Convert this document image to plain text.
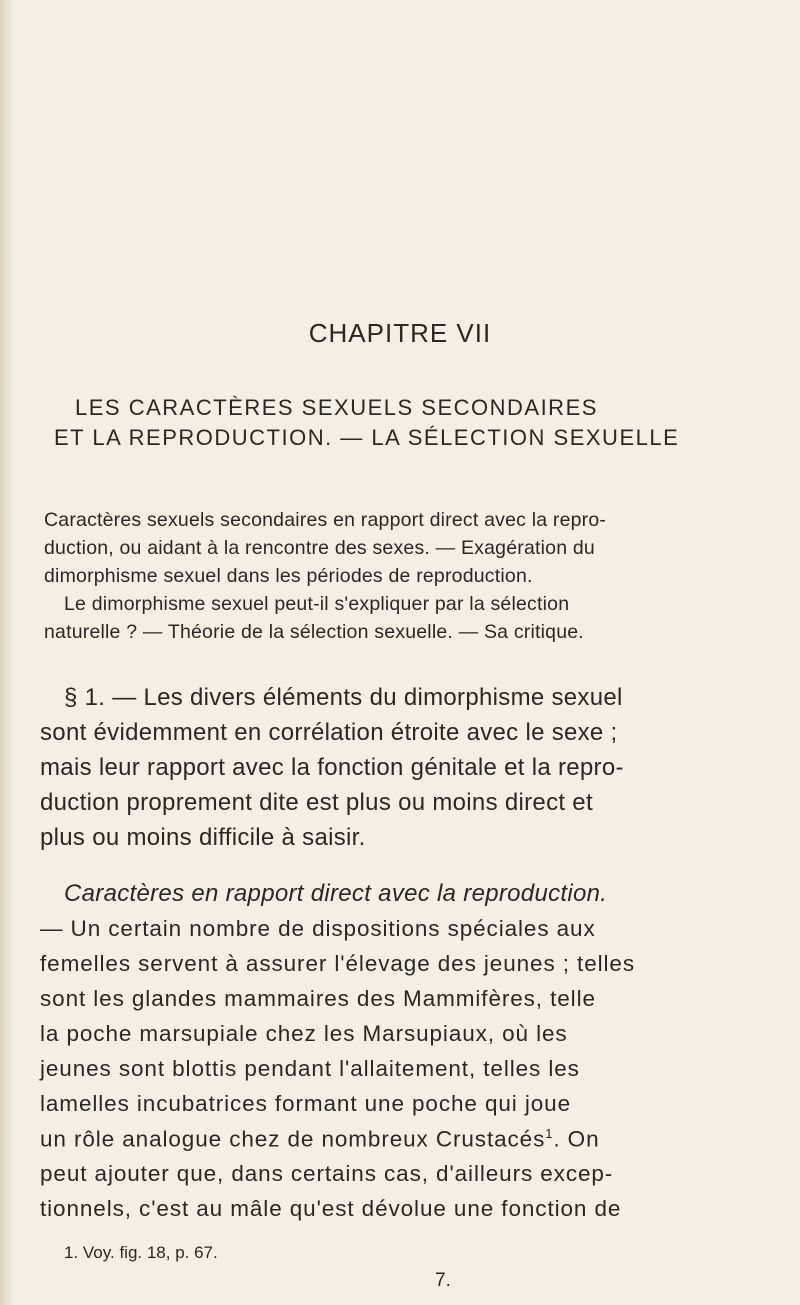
CHAPITRE VII
LES CARACTÈRES SEXUELS SECONDAIRES
ET LA REPRODUCTION. — LA SÉLECTION SEXUELLE
Caractères sexuels secondaires en rapport direct avec la repro-
duction, ou aidant à la rencontre des sexes. — Exagération du
dimorphisme sexuel dans les périodes de reproduction.
Le dimorphisme sexuel peut-il s'expliquer par la sélection
naturelle ? — Théorie de la sélection sexuelle. — Sa critique.
§ 1. — Les divers éléments du dimorphisme sexuel
sont évidemment en corrélation étroite avec le sexe ;
mais leur rapport avec la fonction génitale et la repro-
duction proprement dite est plus ou moins direct et
plus ou moins difficile à saisir.
Caractères en rapport direct avec la reproduction.
— Un certain nombre de dispositions spéciales aux
femelles servent à assurer l'élevage des jeunes ; telles
sont les glandes mammaires des Mammifères, telle
la poche marsupiale chez les Marsupiaux, où les
jeunes sont blottis pendant l'allaitement, telles les
lamelles incubatrices formant une poche qui joue
un rôle analogue chez de nombreux Crustacés$^1$. On
peut ajouter que, dans certains cas, d'ailleurs excep-
tionnels, c'est au mâle qu'est dévolue une fonction de
1. Voy. fig. 18, p. 67.
7.
